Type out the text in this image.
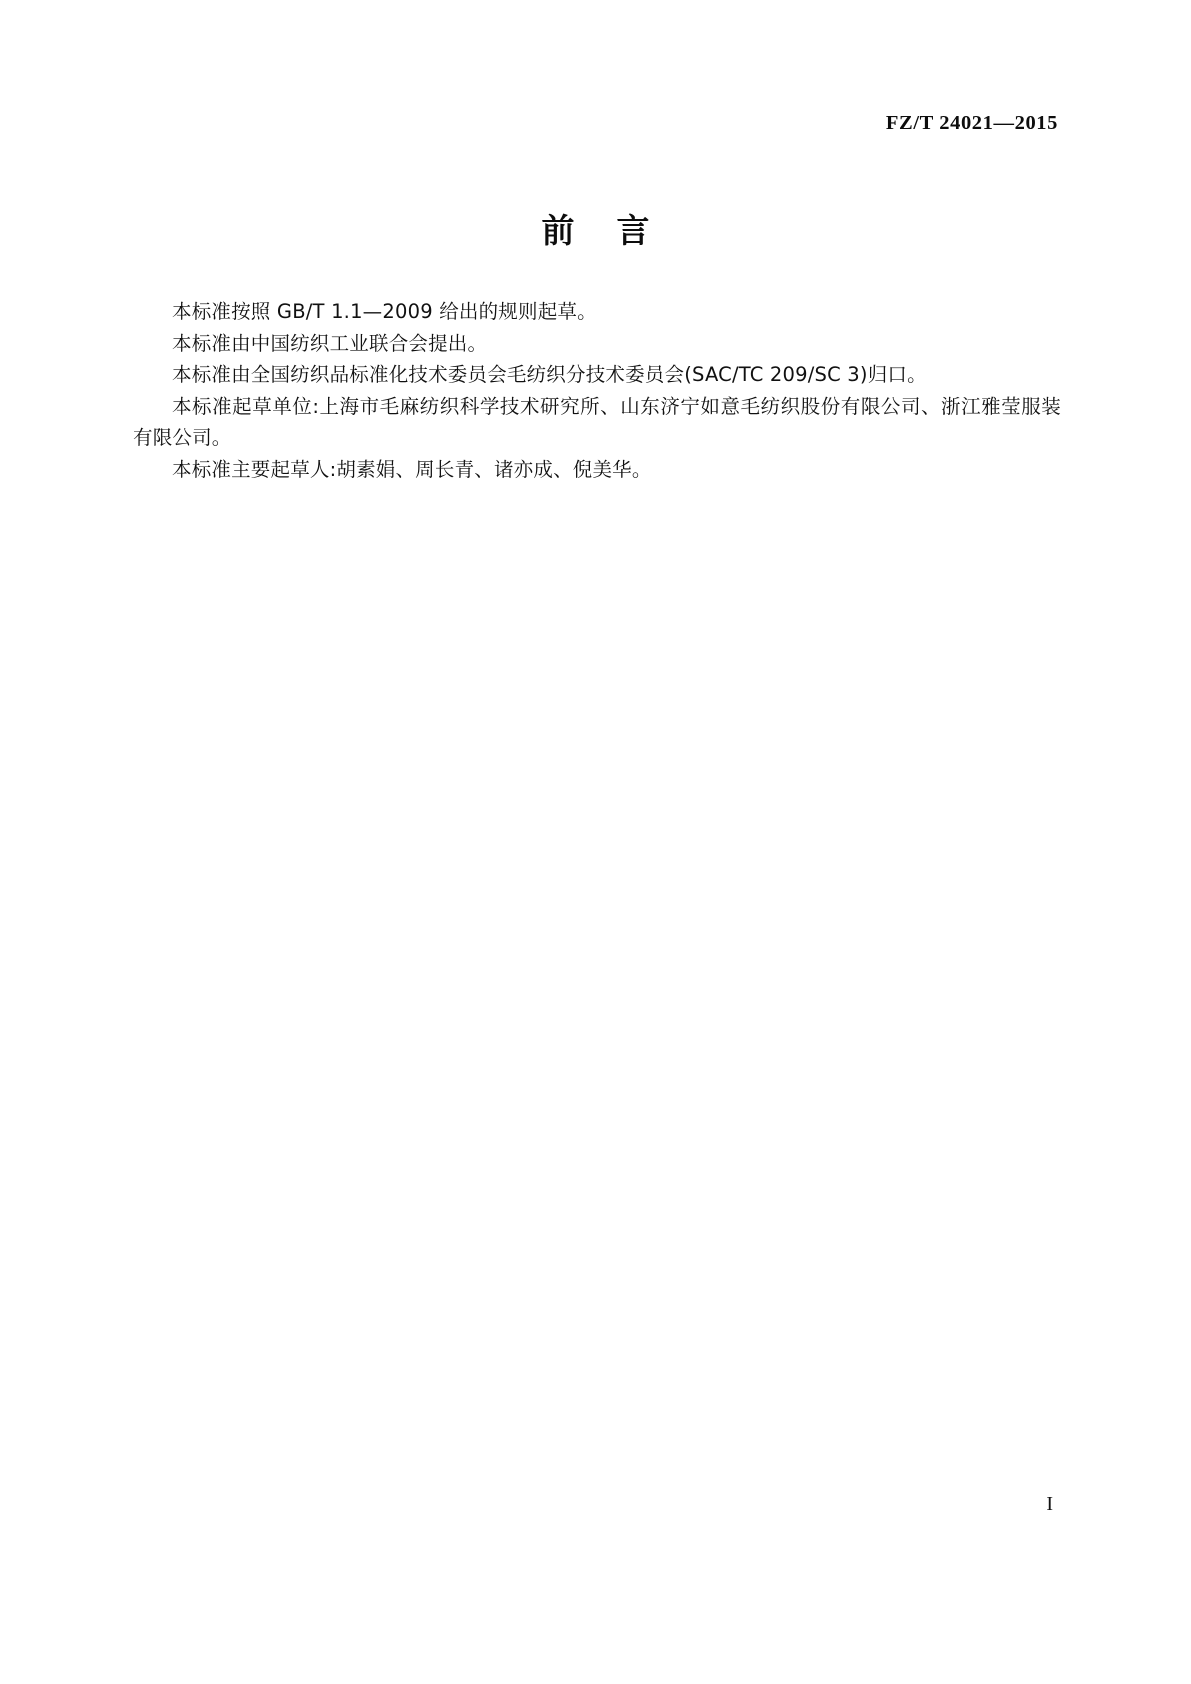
FZ/T 24021—2015
前 言

本标准按照 GB/T 1.1—2009 给出的规则起草。

本标准由中国纺织工业联合会提出。

本标准由全国纺织品标准化技术委员会毛纺织分技术委员会(SAC/TC 209/SC 3)归口。

本标准起草单位:上海市毛麻纺织科学技术研究所、山东济宁如意毛纺织股份有限公司、浙江雅莹服装有限公司。

本标准主要起草人:胡素娟、周长青、诸亦成、倪美华。

I
